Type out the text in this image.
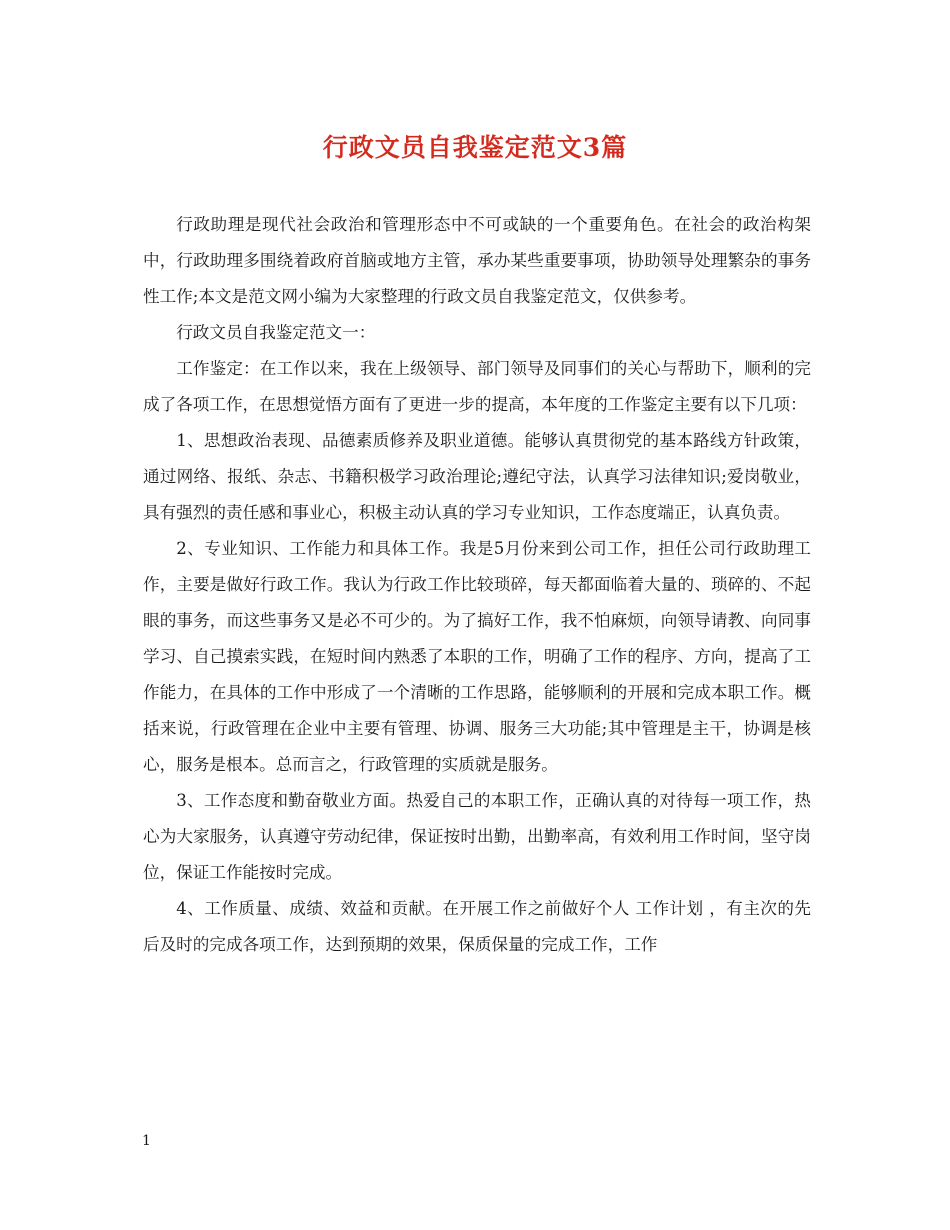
行政文员自我鉴定范文3篇

行政助理是现代社会政治和管理形态中不可或缺的一个重要角色。在社会的政治构架中，行政助理多围绕着政府首脑或地方主管，承办某些重要事项，协助领导处理繁杂的事务性工作;本文是范文网小编为大家整理的行政文员自我鉴定范文，仅供参考。

行政文员自我鉴定范文一：

工作鉴定：在工作以来，我在上级领导、部门领导及同事们的关心与帮助下，顺利的完成了各项工作，在思想觉悟方面有了更进一步的提高，本年度的工作鉴定主要有以下几项：

1、思想政治表现、品德素质修养及职业道德。能够认真贯彻党的基本路线方针政策，通过网络、报纸、杂志、书籍积极学习政治理论;遵纪守法，认真学习法律知识;爱岗敬业，具有强烈的责任感和事业心，积极主动认真的学习专业知识，工作态度端正，认真负责。

2、专业知识、工作能力和具体工作。我是5月份来到公司工作，担任公司行政助理工作，主要是做好行政工作。我认为行政工作比较琐碎，每天都面临着大量的、琐碎的、不起眼的事务，而这些事务又是必不可少的。为了搞好工作，我不怕麻烦，向领导请教、向同事学习、自己摸索实践，在短时间内熟悉了本职的工作，明确了工作的程序、方向，提高了工作能力，在具体的工作中形成了一个清晰的工作思路，能够顺利的开展和完成本职工作。概括来说，行政管理在企业中主要有管理、协调、服务三大功能;其中管理是主干，协调是核心，服务是根本。总而言之，行政管理的实质就是服务。

3、工作态度和勤奋敬业方面。热爱自己的本职工作，正确认真的对待每一项工作，热心为大家服务，认真遵守劳动纪律，保证按时出勤，出勤率高，有效利用工作时间，坚守岗位，保证工作能按时完成。

4、工作质量、成绩、效益和贡献。在开展工作之前做好个人 工作计划 ，有主次的先后及时的完成各项工作，达到预期的效果，保质保量的完成工作，工作

1
